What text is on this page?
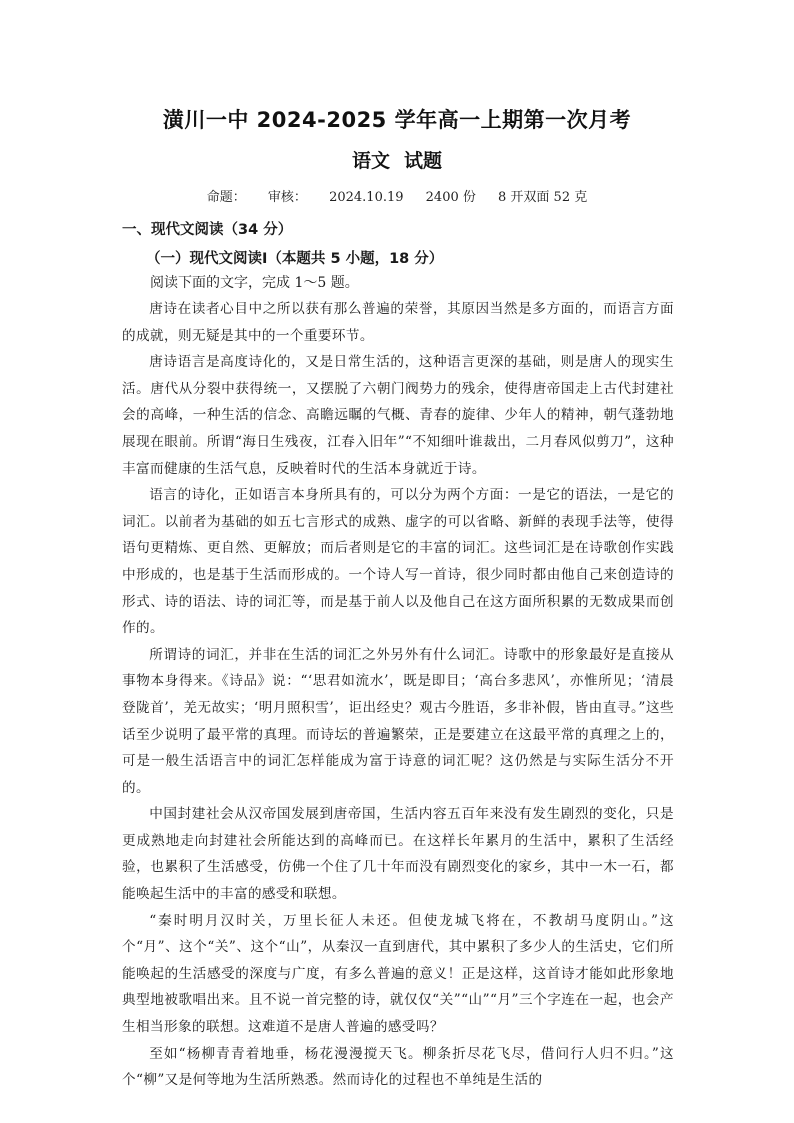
潢川一中 2024-2025 学年高一上期第一次月考
语文 试题
命题： 审核： 2024.10.19 2400 份 8 开双面 52 克
一、现代文阅读（34 分）
（一）现代文阅读Ⅰ（本题共 5 小题，18 分）
阅读下面的文字，完成 1～5 题。

唐诗在读者心目中之所以获有那么普遍的荣誉，其原因当然是多方面的，而语言方面的成就，则无疑是其中的一个重要环节。

唐诗语言是高度诗化的，又是日常生活的，这种语言更深的基础，则是唐人的现实生活。唐代从分裂中获得统一，又摆脱了六朝门阀势力的残余，使得唐帝国走上古代封建社会的高峰，一种生活的信念、高瞻远瞩的气概、青春的旋律、少年人的精神，朝气蓬勃地展现在眼前。所谓“海日生残夜，江春入旧年”“不知细叶谁裁出，二月春风似剪刀”，这种丰富而健康的生活气息，反映着时代的生活本身就近于诗。

语言的诗化，正如语言本身所具有的，可以分为两个方面：一是它的语法，一是它的词汇。以前者为基础的如五七言形式的成熟、虚字的可以省略、新鲜的表现手法等，使得语句更精炼、更自然、更解放；而后者则是它的丰富的词汇。这些词汇是在诗歌创作实践中形成的，也是基于生活而形成的。一个诗人写一首诗，很少同时都由他自己来创造诗的形式、诗的语法、诗的词汇等，而是基于前人以及他自己在这方面所积累的无数成果而创作的。

所谓诗的词汇，并非在生活的词汇之外另外有什么词汇。诗歌中的形象最好是直接从事物本身得来。《诗品》说：“‘思君如流水’，既是即目；‘高台多悲风’，亦惟所见；‘清晨登陇首’，羌无故实；‘明月照积雪’，讵出经史？观古今胜语，多非补假，皆由直寻。”这些话至少说明了最平常的真理。而诗坛的普遍繁荣，正是要建立在这最平常的真理之上的，可是一般生活语言中的词汇怎样能成为富于诗意的词汇呢？这仍然是与实际生活分不开的。

中国封建社会从汉帝国发展到唐帝国，生活内容五百年来没有发生剧烈的变化，只是更成熟地走向封建社会所能达到的高峰而已。在这样长年累月的生活中，累积了生活经验，也累积了生活感受，仿佛一个住了几十年而没有剧烈变化的家乡，其中一木一石，都能唤起生活中的丰富的感受和联想。

“秦时明月汉时关，万里长征人未还。但使龙城飞将在，不教胡马度阴山。”这个“月”、这个“关”、这个“山”，从秦汉一直到唐代，其中累积了多少人的生活史，它们所能唤起的生活感受的深度与广度，有多么普遍的意义！正是这样，这首诗才能如此形象地典型地被歌唱出来。且不说一首完整的诗，就仅仅“关”“山”“月”三个字连在一起，也会产生相当形象的联想。这难道不是唐人普遍的感受吗？

至如“杨柳青青着地垂，杨花漫漫搅天飞。柳条折尽花飞尽，借问行人归不归。”这个“柳”又是何等地为生活所熟悉。然而诗化的过程也不单纯是生活的
